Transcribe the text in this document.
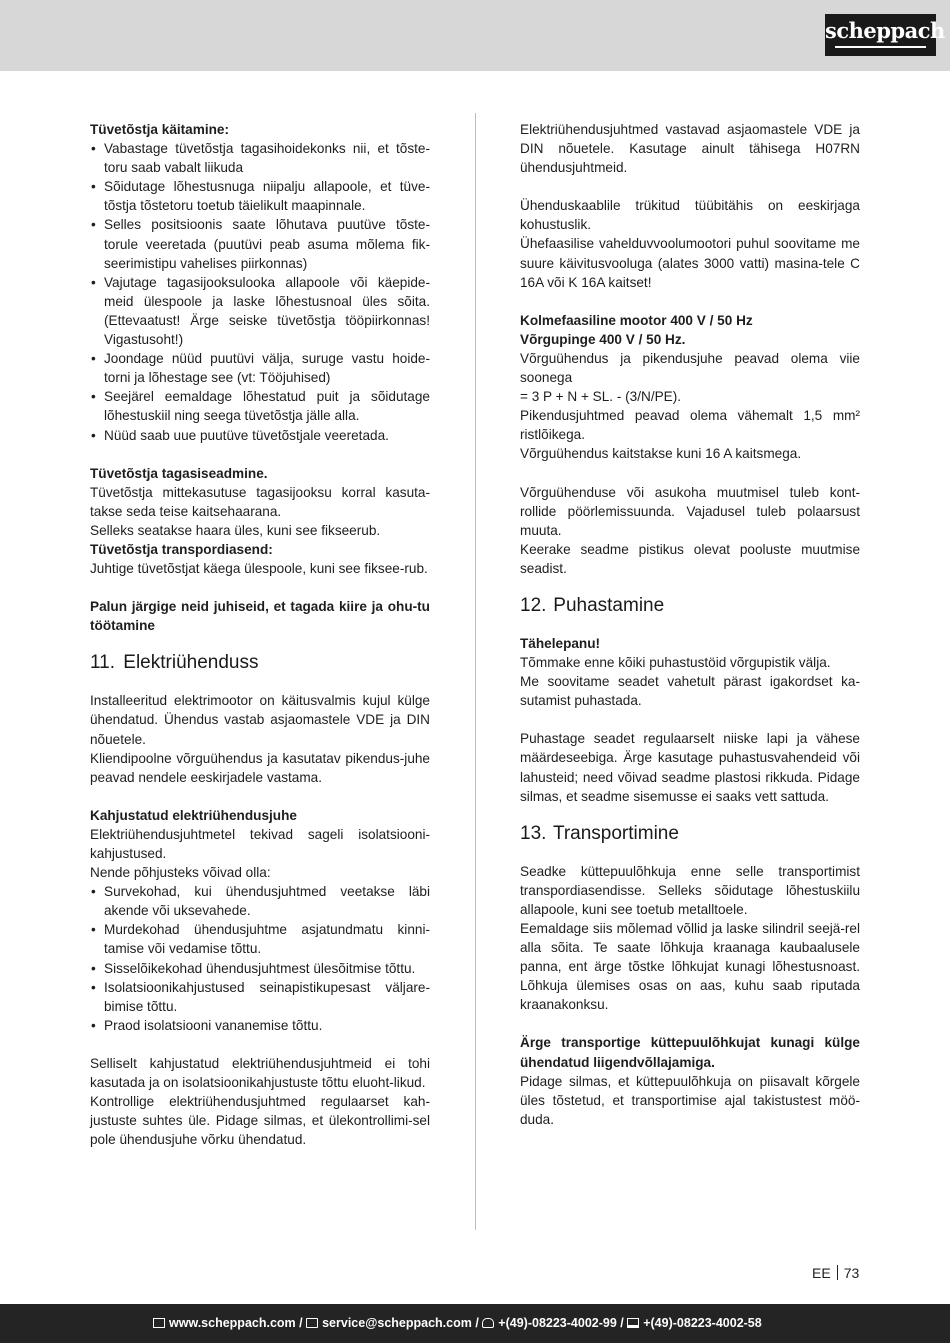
scheppach

Tüvetõstja käitamine:

• Vabastage tüvetõstja tagasihoidekonks nii, et tõste-toru saab vabalt liikuda
• Sõidutage lõhestusnuga niipalju allapoole, et tüve-tõstja tõstetoru toetub täielikult maapinnale.
• Selles positsioonis saate lõhutava puutüve tõste-torule veeretada (puutüvi peab asuma mõlema fik-seerimistipu vahelises piirkonnas)
• Vajutage tagasijooksulooka allapoole või käepide-meid ülespoole ja laske lõhestusnoal üles sõita. (Ettevaatust! Ärge seiske tüvetõstja tööpiirkonnas! Vigastusoht!)
• Joondage nüüd puutüvi välja, suruge vastu hoide-torni ja lõhestage see (vt: Tööjuhised)
• Seejärel eemaldage lõhestatud puit ja sõidutage lõhestuskiil ning seega tüvetõstja jälle alla.
• Nüüd saab uue puutüve tüvetõstjale veeretada.

Tüvetõstja tagasiseadmine.

Tüvetõstja mittekasutuse tagasijooksu korral kasuta-takse seda teise kaitsehaarana.

Selleks seatakse haara üles, kuni see fikseerub.

Tüvetõstja transpordiasend:

Juhtige tüvetõstjat käega ülespoole, kuni see fiksee-rub.

Palun järgige neid juhiseid, et tagada kiire ja ohu-tu töötamine

11. Elektriühenduss

Installeeritud elektrimootor on käitusvalmis kujul külge ühendatud. Ühendus vastab asjaomastele VDE ja DIN nõuetele.

Kliendipoolne võrguühendus ja kasutatav pikendus-juhe peavad nendele eeskirjadele vastama.

Kahjustatud elektriühendusjuhe

Elektriühendusjuhtmetel tekivad sageli isolatsiooni-kahjustused.

Nende põhjusteks võivad olla:

• Survekohad, kui ühendusjuhtmed veetakse läbi akende või uksevahede.
• Murdekohad ühendusjuhtme asjatundmatu kinni-tamise või vedamise tõttu.
• Sisselõikekohad ühendusjuhtmest ülesõitmise tõttu.
• Isolatsioonikahjustused seinapistikupesast väljare-bimise tõttu.
• Praod isolatsiooni vananemise tõttu.

Selliselt kahjustatud elektriühendusjuhtmeid ei tohi kasutada ja on isolatsioonikahjustuste tõttu eluoht-likud.

Kontrollige elektriühendusjuhtmed regulaarset kah-justuste suhtes üle. Pidage silmas, et ülekontrollimi-sel pole ühendusjuhe võrku ühendatud.

Elektriühendusjuhtmed vastavad asjaomastele VDE ja DIN nõuetele. Kasutage ainult tähisega H07RN ühendusjuhtmeid.

Ühenduskaablile trükitud tüübitähis on eeskirjaga kohustuslik.

Ühefaasilise vahelduvvoolumootori puhul soovitame me suure käivitusvooluga (alates 3000 vatti) masina-tele C 16A või K 16A kaitset!

Kolmefaasiline mootor 400 V / 50 Hz

Võrgupinge 400 V / 50 Hz.

Võrguühendus ja pikendusjuhe peavad olema viie soonega

= 3 P + N + SL. - (3/N/PE).

Pikendusjuhtmed peavad olema vähemalt 1,5 mm² ristlõikega.

Võrguühendus kaitstakse kuni 16 A kaitsmega.

Võrguühenduse või asukoha muutmisel tuleb kont-rollide pöörlemissuunda. Vajadusel tuleb polaarsust muuta.

Keerake seadme pistikus olevat pooluste muutmise seadist.

12. Puhastamine

Tähelepanu!

Tõmmake enne kõiki puhastustöid võrgupistik välja.

Me soovitame seadet vahetult pärast igakordset ka-sutamist puhastada.

Puhastage seadet regulaarselt niiske lapi ja vähese määrdeseebiga. Ärge kasutage puhastusvahendeid või lahusteid; need võivad seadme plastosi rikkuda. Pidage silmas, et seadme sisemusse ei saaks vett sattuda.

13. Transportimine

Seadke küttepuulõhkuja enne selle transportimist transpordiasendisse. Selleks sõidutage lõhestuskiilu allapoole, kuni see toetub metalltoele.

Eemaldage siis mõlemad võllid ja laske silindril seejä-rel alla sõita. Te saate lõhkuja kraanaga kaubaalusele panna, ent ärge tõstke lõhkujat kunagi lõhestusnoast. Lõhkuja ülemises osas on aas, kuhu saab riputada kraanakonksu.

Ärge transportige küttepuulõhkujat kunagi külge ühendatud liigendvõllajamiga.

Pidage silmas, et küttepuulõhkuja on piisavalt kõrgele üles tõstetud, et transportimise ajal takistustest möö-duda.

EE 73
www.scheppach.com / service@scheppach.com / +(49)-08223-4002-99 / +(49)-08223-4002-58
